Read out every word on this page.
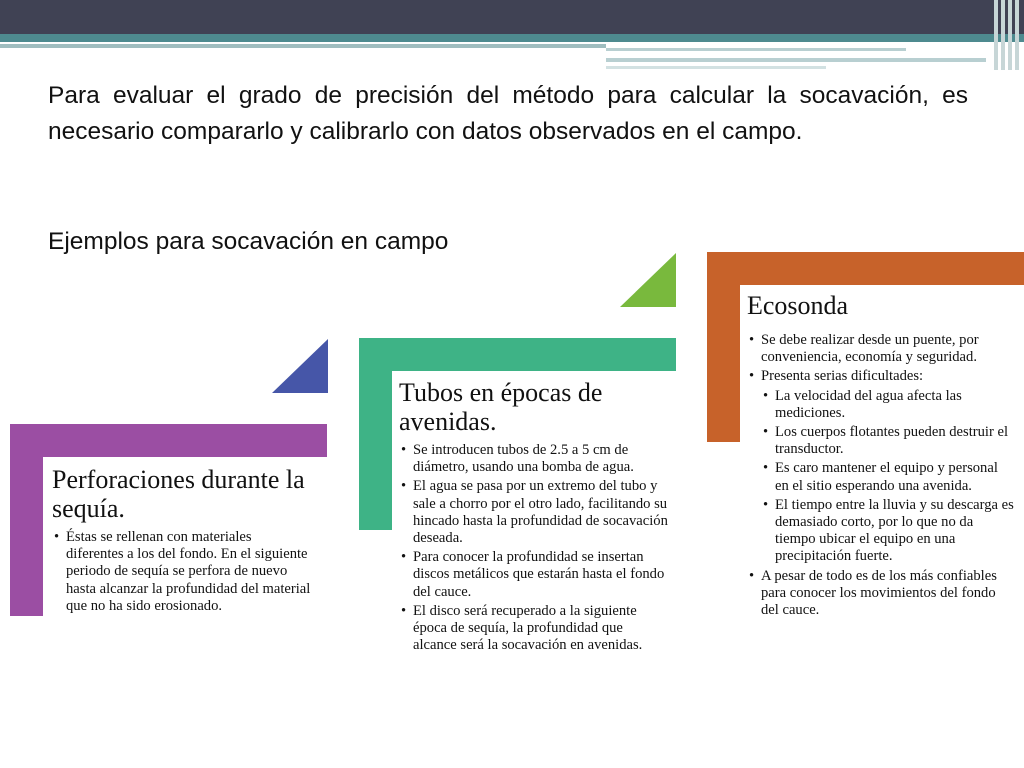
Para evaluar el grado de precisión del método para calcular la socavación, es necesario compararlo y calibrarlo con datos observados en el campo.

Ejemplos para socavación en campo

Perforaciones durante la sequía.
• Éstas se rellenan con materiales diferentes a los del fondo. En el siguiente periodo de sequía se perfora de nuevo hasta alcanzar la profundidad del material que no ha sido erosionado.
Tubos en épocas de avenidas.
• Se introducen tubos de 2.5 a 5 cm de diámetro, usando una bomba de agua.
• El agua se pasa por un extremo del tubo y sale a chorro por el otro lado, facilitando su hincado hasta la profundidad de socavación deseada.
• Para conocer la profundidad se insertan discos metálicos que estarán hasta el fondo del cauce.
• El disco será recuperado a la siguiente época de sequía, la profundidad que alcance será la socavación en avenidas.
Ecosonda
• Se debe realizar desde un puente, por conveniencia, economía y seguridad.
• Presenta serias dificultades:
• La velocidad del agua afecta las mediciones.
• Los cuerpos flotantes pueden destruir el transductor.
• Es caro mantener el equipo y personal en el sitio esperando una avenida.
• El tiempo entre la lluvia y su descarga es demasiado corto, por lo que no da tiempo ubicar el equipo en una precipitación fuerte.
• A pesar de todo es de los más confiables para conocer los movimientos del fondo del cauce.
